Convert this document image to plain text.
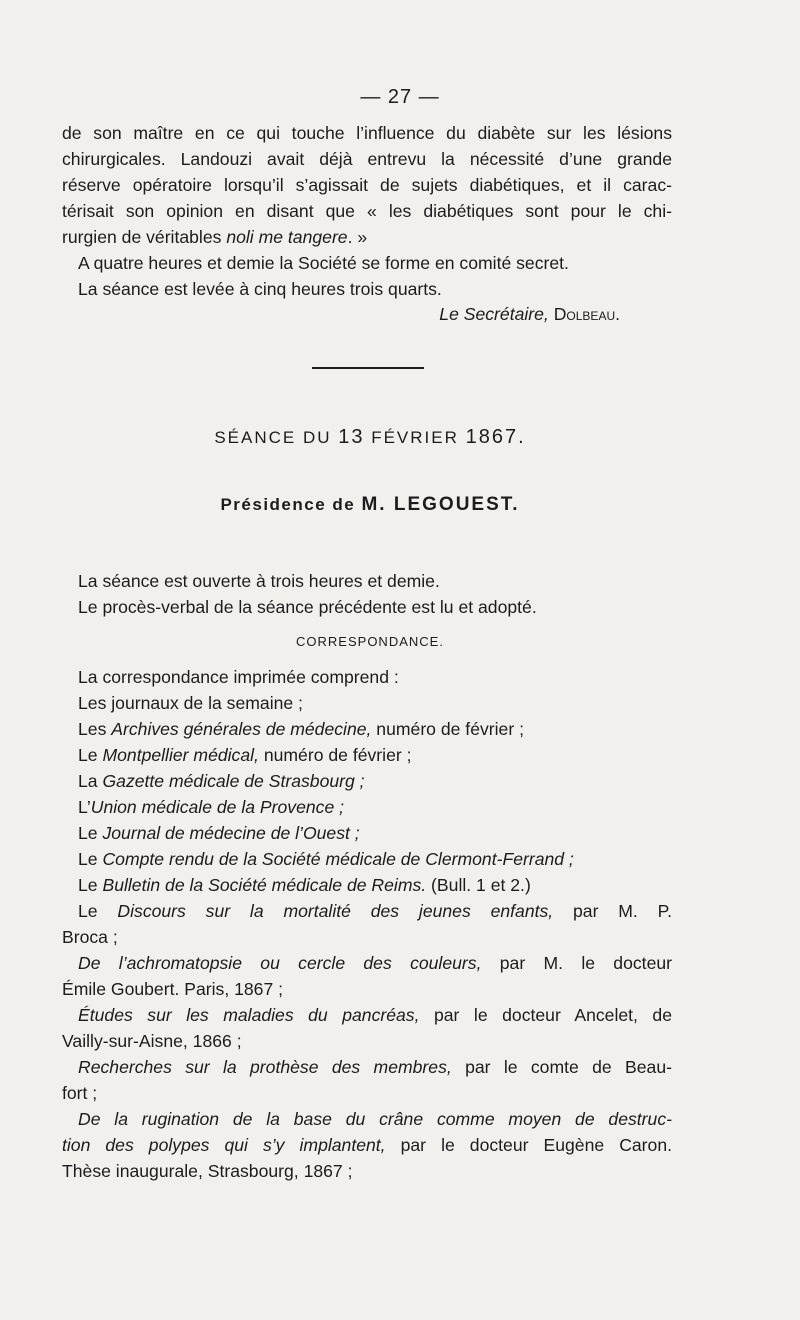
— 27 —
de son maître en ce qui touche l’influence du diabète sur les lésions
chirurgicales. Landouzi avait déjà entrevu la nécessité d’une grande
réserve opératoire lorsqu’il s’agissait de sujets diabétiques, et il carac-
térisait son opinion en disant que « les diabétiques sont pour le chi-
rurgien de véritables noli me tangere. »
A quatre heures et demie la Société se forme en comité secret.
La séance est levée à cinq heures trois quarts.
Le Secrétaire, Dolbeau.
SÉANCE DU 13 FÉVRIER 1867.
Présidence de M. LEGOUEST.
La séance est ouverte à trois heures et demie.
Le procès-verbal de la séance précédente est lu et adopté.
CORRESPONDANCE.
La correspondance imprimée comprend :
Les journaux de la semaine ;
Les Archives générales de médecine, numéro de février ;
Le Montpellier médical, numéro de février ;
La Gazette médicale de Strasbourg ;
L’Union médicale de la Provence ;
Le Journal de médecine de l’Ouest ;
Le Compte rendu de la Société médicale de Clermont-Ferrand ;
Le Bulletin de la Société médicale de Reims. (Bull. 1 et 2.)
Le Discours sur la mortalité des jeunes enfants, par M. P.
Broca ;
De l’achromatopsie ou cercle des couleurs, par M. le docteur
Émile Goubert. Paris, 1867 ;
Études sur les maladies du pancréas, par le docteur Ancelet, de
Vailly-sur-Aisne, 1866 ;
Recherches sur la prothèse des membres, par le comte de Beau-
fort ;
De la rugination de la base du crâne comme moyen de destruc-
tion des polypes qui s’y implantent, par le docteur Eugène Caron.
Thèse inaugurale, Strasbourg, 1867 ;
